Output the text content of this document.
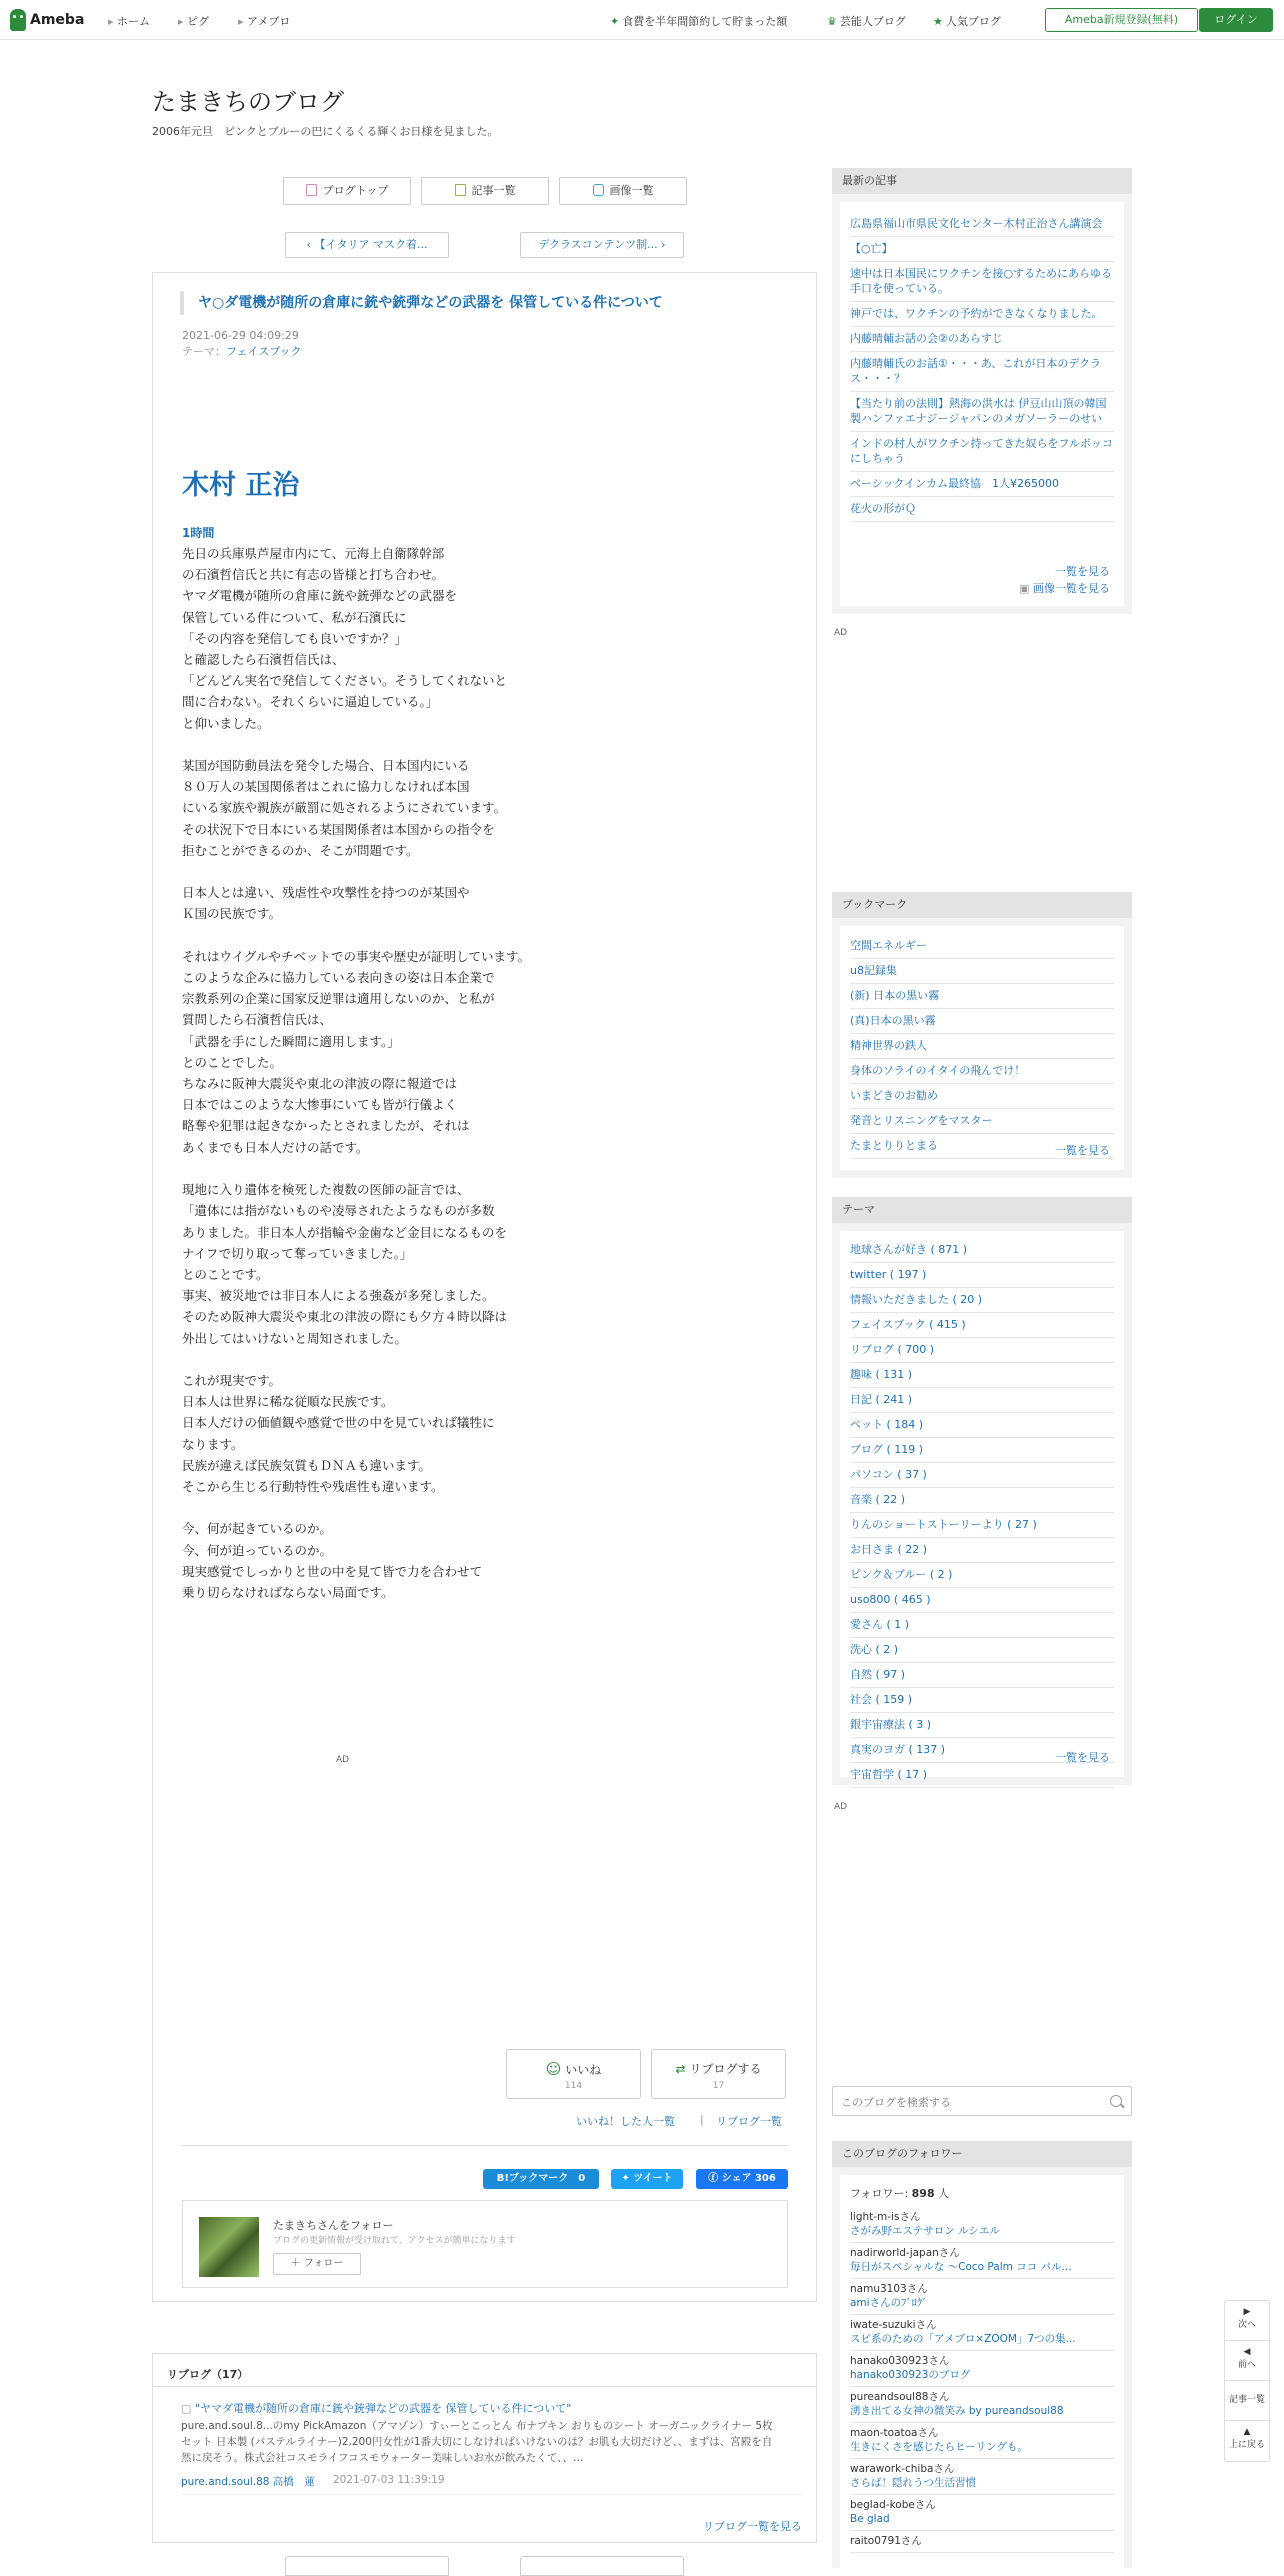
Ameba	▸ ホーム	▸ ピグ	▸ アメブロ	✦ 食費を半年間節約して貯まった額	♛ 芸能人ブログ ★ 人気ブログ	Ameba新規登録(無料)	ログイン
たまきちのブログ
2006年元旦　ピンクとブルーの巴にくるくる輝くお日様を見ました。
ブログトップ	記事一覧	画像一覧
‹ 【イタリア マスク着...	デクラスコンテンツ制... ›
ヤ○ダ電機が随所の倉庫に銃や銃弾などの武器を 保管している件について
2021-06-29 04:09:29
テーマ：フェイスブック
木村 正治
1時間
先日の兵庫県芦屋市内にて、元海上自衛隊幹部
の石濱哲信氏と共に有志の皆様と打ち合わせ。
ヤマダ電機が随所の倉庫に銃や銃弾などの武器を
保管している件について、私が石濱氏に
「その内容を発信しても良いですか？」
と確認したら石濱哲信氏は、
「どんどん実名で発信してください。そうしてくれないと
間に合わない。それくらいに逼迫している。」
と仰いました。

某国が国防動員法を発令した場合、日本国内にいる
８０万人の某国関係者はこれに協力しなければ本国
にいる家族や親族が厳罰に処されるようにされています。
その状況下で日本にいる某国関係者は本国からの指令を
拒むことができるのか、そこが問題です。

日本人とは違い、残虐性や攻撃性を持つのが某国や
Ｋ国の民族です。

それはウイグルやチベットでの事実や歴史が証明しています。
このような企みに協力している表向きの姿は日本企業で
宗教系列の企業に国家反逆罪は適用しないのか、と私が
質問したら石濱哲信氏は、
「武器を手にした瞬間に適用します。」
とのことでした。
ちなみに阪神大震災や東北の津波の際に報道では
日本ではこのような大惨事にいても皆が行儀よく
略奪や犯罪は起きなかったとされましたが、それは
あくまでも日本人だけの話です。

現地に入り遺体を検死した複数の医師の証言では、
「遺体には指がないものや凌辱されたようなものが多数
ありました。非日本人が指輪や金歯など金目になるものを
ナイフで切り取って奪っていきました。」
とのことです。
事実、被災地では非日本人による強姦が多発しました。
そのため阪神大震災や東北の津波の際にも夕方４時以降は
外出してはいけないと周知されました。

これが現実です。
日本人は世界に稀な従順な民族です。
日本人だけの価値観や感覚で世の中を見ていれば犠牲に
なります。
民族が違えば民族気質もＤＮＡも違います。
そこから生じる行動特性や残虐性も違います。

今、何が起きているのか。
今、何が迫っているのか。
現実感覚でしっかりと世の中を見て皆で力を合わせて
乗り切らなければならない局面です。
AD
☺ いいね
114
⇄ リブログする
17
いいね！した人一覧 | リブログ一覧
B!ブックマーク　 0	✦ ツイート	ⓕ シェア 306
たまきちさんをフォロー
ブログの更新情報が受け取れて、アクセスが簡単になります
＋ フォロー
リブログ（17）
▢ "ヤマダ電機が随所の倉庫に銃や銃弾などの武器を 保管している件について"
pure.and.soul.8...のmy PickAmazon（アマゾン）すぃーとこっとん 布ナプキン おりものシート オーガニックライナー 5枚セット 日本製 (パステルライナー)2,200円女性が1番大切にしなければいけないのは？お肌も大切だけど、、まずは、宮殿を自然に戻そう。株式会社コスモライフコスモウォーター美味しいお水が飲みたくて、、…
pure.and.soul.88 高橋　蓮 2021-07-03 11:39:19
リブログ一覧を見る
最新の記事
広島県福山市県民文化センター木村正治さん講演会
【○亡】
速中は日本国民にワクチンを接○するためにあらゆる手口を使っている。
神戸では、ワクチンの予約ができなくなりました。
内藤晴輔お話の会②のあらすじ
内藤晴輔氏のお話①・・・あ、これが日本のデクラス・・・？
【当たり前の法則】熱海の洪水は 伊豆山山頂の韓国製ハンファエナジージャパンのメガソーラーのせい
インドの村人がワクチン持ってきた奴らをフルボッコにしちゃう
ベーシックインカム最終協　1人¥265000
花火の形がＱ
一覧を見る
▣ 画像一覧を見る
AD
ブックマーク
空間エネルギー
u8記録集
(新) 日本の黒い霧
(真)日本の黒い霧
精神世界の鉄人
身体のソライのイタイの飛んでけ！
いまどきのお勧め
発音とリスニングをマスター
たまとりりとまる	一覧を見る
テーマ
地球さんが好き ( 871 )
twitter ( 197 )
情報いただきました ( 20 )
フェイスブック ( 415 )
リブログ ( 700 )
趣味 ( 131 )
日記 ( 241 )
ペット ( 184 )
ブログ ( 119 )
パソコン ( 37 )
音楽 ( 22 )
りんのショートストーリーより ( 27 )
お日さま ( 22 )
ピンク＆ブルー ( 2 )
uso800 ( 465 )
愛さん ( 1 )
洗心 ( 2 )
自然 ( 97 )
社会 ( 159 )
銀宇宙療法 ( 3 )
真実のヨガ ( 137 )
宇宙哲学 ( 17 )
一覧を見る
AD
このブログを検索する
このブログのフォロワー
フォロワー: 898 人
light-m-isさん
さがみ野エステサロン ルシエル
nadirworld-japanさん
毎日がスペシャルな 〜Coco Palm ココ パル...
namu3103さん
amiさんのﾌﾞﾛｸﾞ
iwate-suzukiさん
スピ系のための「アメブロ×ZOOM」7つの集...
hanako030923さん
hanako030923のブログ
pureandsoul88さん
湧き出てる女神の微笑み by pureandsoul88
maon-toatoaさん
生きにくさを感じたらヒーリングも。
warawork-chibaさん
さらば！隠れうつ生活習慣
beglad-kobeさん
Be glad
raito0791さん
▶
次へ
◀
前へ
記事一覧
▲
上に戻る
